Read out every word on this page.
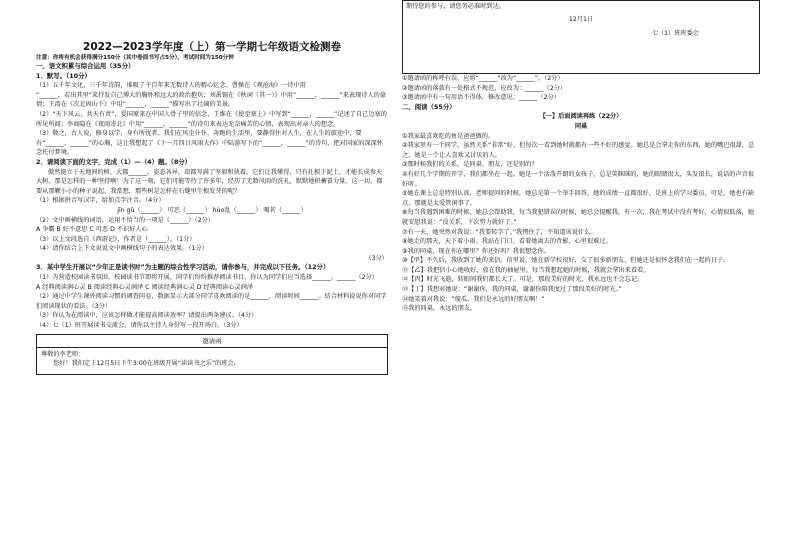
2022—2023学年度（上）第一学期七年级语文检测卷
注意：你将有机会获得满分150分（其中卷面书写占5分），考试时间为150分钟
一、语文积累与综合运用（35分）
1．默写。（10分）
（1）五千年文化，三千年诗韵，谁吸了千百年来无数诗人的精心忆念。曹操在《观沧海》一诗中用
“______，若出其里”来抒发自己博大的胸怀和远大的政治抱负；刘禹锡在《秋词（其一）》中用“______，______”来表现诗人的豪情；王湾在《次北固山下》中用“______，______”描写出了壮阔的美景。
（2）“天下风云，共天有责”，爱国原来在中国人骨子里的信念，王维在《使至塞上》中写到“______，______”记述了自己边塞的所见所闻；李商隐在《夜雨寄北》中用“______，______”的诗句来表达无奈痛苦的心情，表现出对亲人的想念。
（3）敬之，古人说，修身以学，身有所忧者。我们在风尘仆仆，奔跑的生活里，要静得住对人生，在人生的旅途中，要有“______，______”的心胸，这让我想起了《十一月四日风雨大作》中陆游写下的“______，______”的诗句，把对国家的深深怀念托付梦境。
2．请阅读下面的文字，完成（1）—（4）题。（8分）
傲然挺立于天地间的树，大都______，姿态各异，却都写满了坚毅和执着。它们让我懂得，只有扎根于泥土，才能长成参天大树。那是怎样的一种坚持啊！为了这一刻，它们可能等待了许多年，经历了无数风雨的洗礼，默默地积蓄着力量。这一切，都要从那颗小小的种子说起。我常想，那些树是怎样在石缝里生根发芽的呢？
（1）根据拼音写汉字，给加点字注音。（4分）
jīn gǔ（______） 可恶（______） hùo乱（______） 喝茗（______）
（2）文中画横线的词语，运用不恰当的一项是（______）（2分）
A 争霸 B 好不意思 C 可恶 D 不识好人心
（3）以上文段选自《西游记》，作者是（______）。（1分）
（4）请你结合上下文说说文中画横线句子的表达效果。（1分）
（3分）
3．某中学生开展以“少年正是读书时”为主题的综合性学习活动，请你参与，并完成以下任务。（12分）
（1）为营造校园读书氛围，校园读书节即将开展，同学们纷纷推荐阅读书目。你认为同学们应当选择______、______（2分）
A 经典阅读润心灵 B 阅读经典心灵润泽 C 阅读经典润心灵 D 经典阅读心灵润泽
（2）通过中学生课外阅读习惯的调查问卷，数据显示大部分同学喜欢阅读的是______，阅读时间______。结合材料说说你对同学们阅读现状的看法。（3分）
（3）你认为在阅读中，应该怎样做才能提高阅读效率？请提出两条建议。（4分）
（4）七（1）班开展读书交流会，请你以主持人身份写一段开场白。（3分）
邀请函
尊敬的李老师：
您好！我们定于12月5日下午3:00在班级开展“读读书之乐”的班会，
期待您的参与，请您务必准时到达。
12月1日
七（1）班班委会
①邀请函的称呼有误，应将“______”改为“______”。（2分）
②邀请函的落款有一处格式不规范，应改为：______（2分）
③邀请函中有一句用语不得体，修改意见：______（2分）
二、阅读（55分）
【一】后面阅读再练（22分）
同桌
①我家最喜欢吃的鱼是爸爸做的。
②我家里有一个同学，虽然关系“非常”好，但每次一看到她时就都有一些不好的感觉。她总是会拿走你的东西，她的嘴巴很甜，总之，她是一个让人喜欢又讨厌的人。
③那时候我们的关系，是同桌、朋友，还是别的？
④有好几个学期的开学，我们都坐在一起。她是一个活泼开朗的女孩子，总是笑眯眯的，她的眼睛很大，头发很长，说话的声音很好听。
⑤她在课上总是特别认真，老师提问的时候，她总是第一个举手回答，她的成绩一直都很好，是班上的学习委员。可是，她也有缺点，那就是太爱管闲事了。
⑥每当我遇到困难的时候，她总会帮助我，每当我犯错误的时候，她总会提醒我。有一次，我在考试中没有考好，心情很低落，她就安慰我说：“没关系，下次努力就好了。”
⑦有一天，她突然对我说：“我要转学了。”我愣住了，不知道该说什么。
⑧她走的那天，天下着小雨。我站在门口，看着她离去的背影，心里很难过。
⑨我的同桌，现在你在哪里？你还好吗？我很想念你。
⑩【甲】不久后，我收到了她的来信。信里说，她在新学校很好，交了很多新朋友，但她还是很怀念我们在一起的日子。
⑪【乙】我把信小心地收好，放在我的抽屉里。每当我想起她的时候，我就会拿出来看看。
⑫【丙】时光飞逝，转眼间我们都长大了。可是，那段美好的时光，我永远也不会忘记。
⑬【丁】我想对她说：“谢谢你，我的同桌，谢谢你陪我度过了那段美好的时光。”
⑭她笑着对我说：“傻瓜，我们是永远的好朋友啊！”
⑮我的同桌，永远的朋友。
